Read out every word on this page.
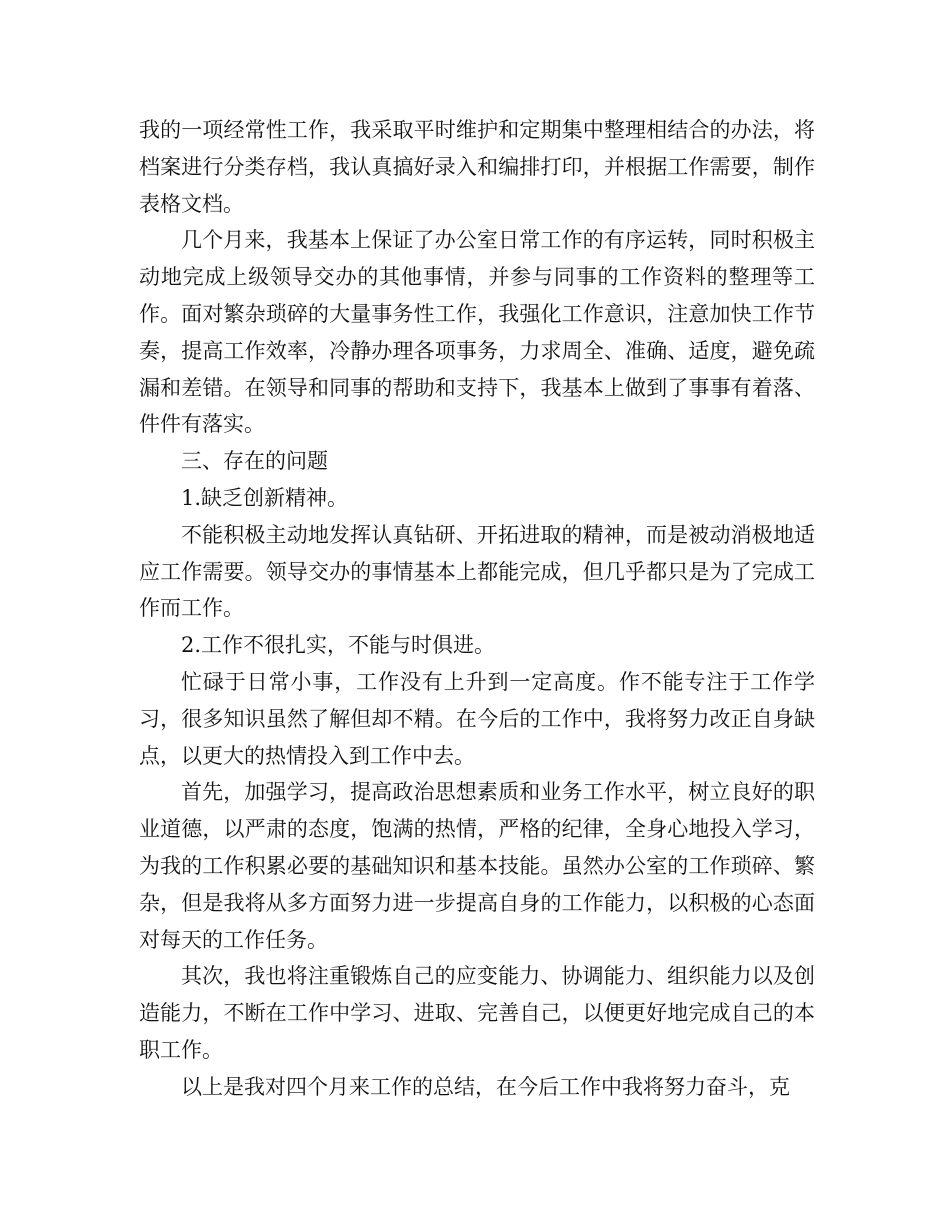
我的一项经常性工作，我采取平时维护和定期集中整理相结合的办法，将档案进行分类存档，我认真搞好录入和编排打印，并根据工作需要，制作表格文档。

几个月来，我基本上保证了办公室日常工作的有序运转，同时积极主动地完成上级领导交办的其他事情，并参与同事的工作资料的整理等工作。面对繁杂琐碎的大量事务性工作，我强化工作意识，注意加快工作节奏，提高工作效率，冷静办理各项事务，力求周全、准确、适度，避免疏漏和差错。在领导和同事的帮助和支持下，我基本上做到了事事有着落、件件有落实。

三、存在的问题

1.缺乏创新精神。

不能积极主动地发挥认真钻研、开拓进取的精神，而是被动消极地适应工作需要。领导交办的事情基本上都能完成，但几乎都只是为了完成工作而工作。

2.工作不很扎实，不能与时俱进。

忙碌于日常小事，工作没有上升到一定高度。作不能专注于工作学习，很多知识虽然了解但却不精。在今后的工作中，我将努力改正自身缺点，以更大的热情投入到工作中去。

首先，加强学习，提高政治思想素质和业务工作水平，树立良好的职业道德，以严肃的态度，饱满的热情，严格的纪律，全身心地投入学习，为我的工作积累必要的基础知识和基本技能。虽然办公室的工作琐碎、繁杂，但是我将从多方面努力进一步提高自身的工作能力，以积极的心态面对每天的工作任务。

其次，我也将注重锻炼自己的应变能力、协调能力、组织能力以及创造能力，不断在工作中学习、进取、完善自己，以便更好地完成自己的本职工作。

以上是我对四个月来工作的总结，在今后工作中我将努力奋斗，克
